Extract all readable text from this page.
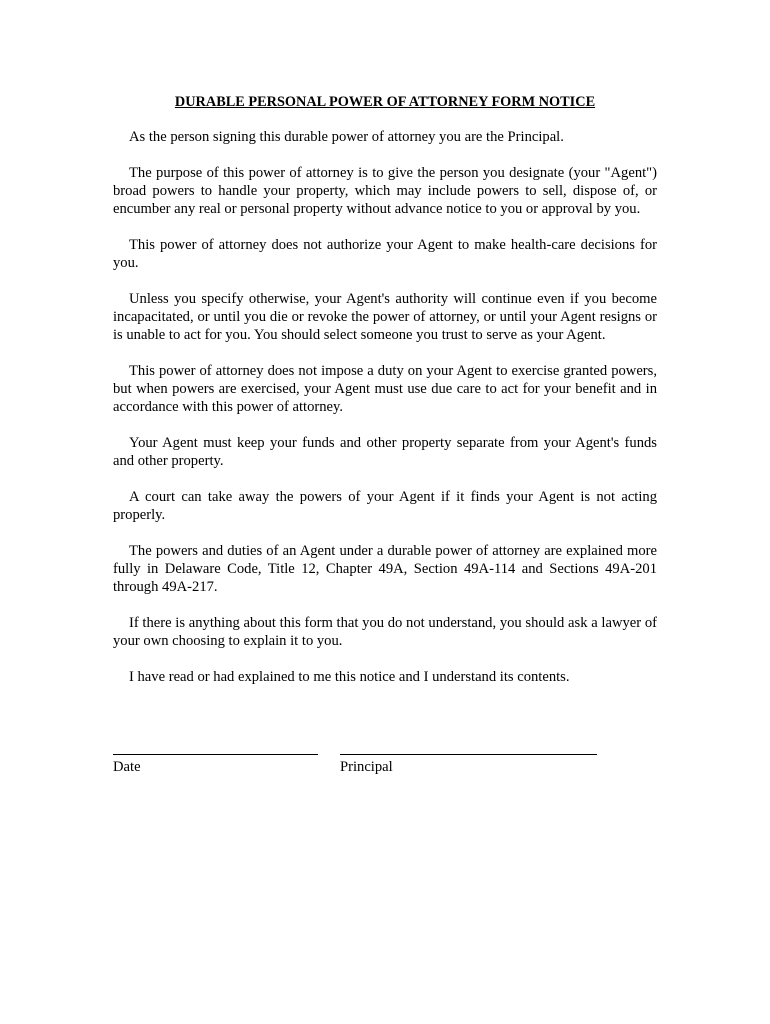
DURABLE PERSONAL POWER OF ATTORNEY FORM NOTICE

As the person signing this durable power of attorney you are the Principal.

The purpose of this power of attorney is to give the person you designate (your "Agent") broad powers to handle your property, which may include powers to sell, dispose of, or encumber any real or personal property without advance notice to you or approval by you.

This power of attorney does not authorize your Agent to make health-care decisions for you.

Unless you specify otherwise, your Agent's authority will continue even if you become incapacitated, or until you die or revoke the power of attorney, or until your Agent resigns or is unable to act for you. You should select someone you trust to serve as your Agent.

This power of attorney does not impose a duty on your Agent to exercise granted powers, but when powers are exercised, your Agent must use due care to act for your benefit and in accordance with this power of attorney.

Your Agent must keep your funds and other property separate from your Agent's funds and other property.

A court can take away the powers of your Agent if it finds your Agent is not acting properly.

The powers and duties of an Agent under a durable power of attorney are explained more fully in Delaware Code, Title 12, Chapter 49A, Section 49A-114 and Sections 49A-201 through 49A-217.

If there is anything about this form that you do not understand, you should ask a lawyer of your own choosing to explain it to you.

I have read or had explained to me this notice and I understand its contents.

Date	Principal
